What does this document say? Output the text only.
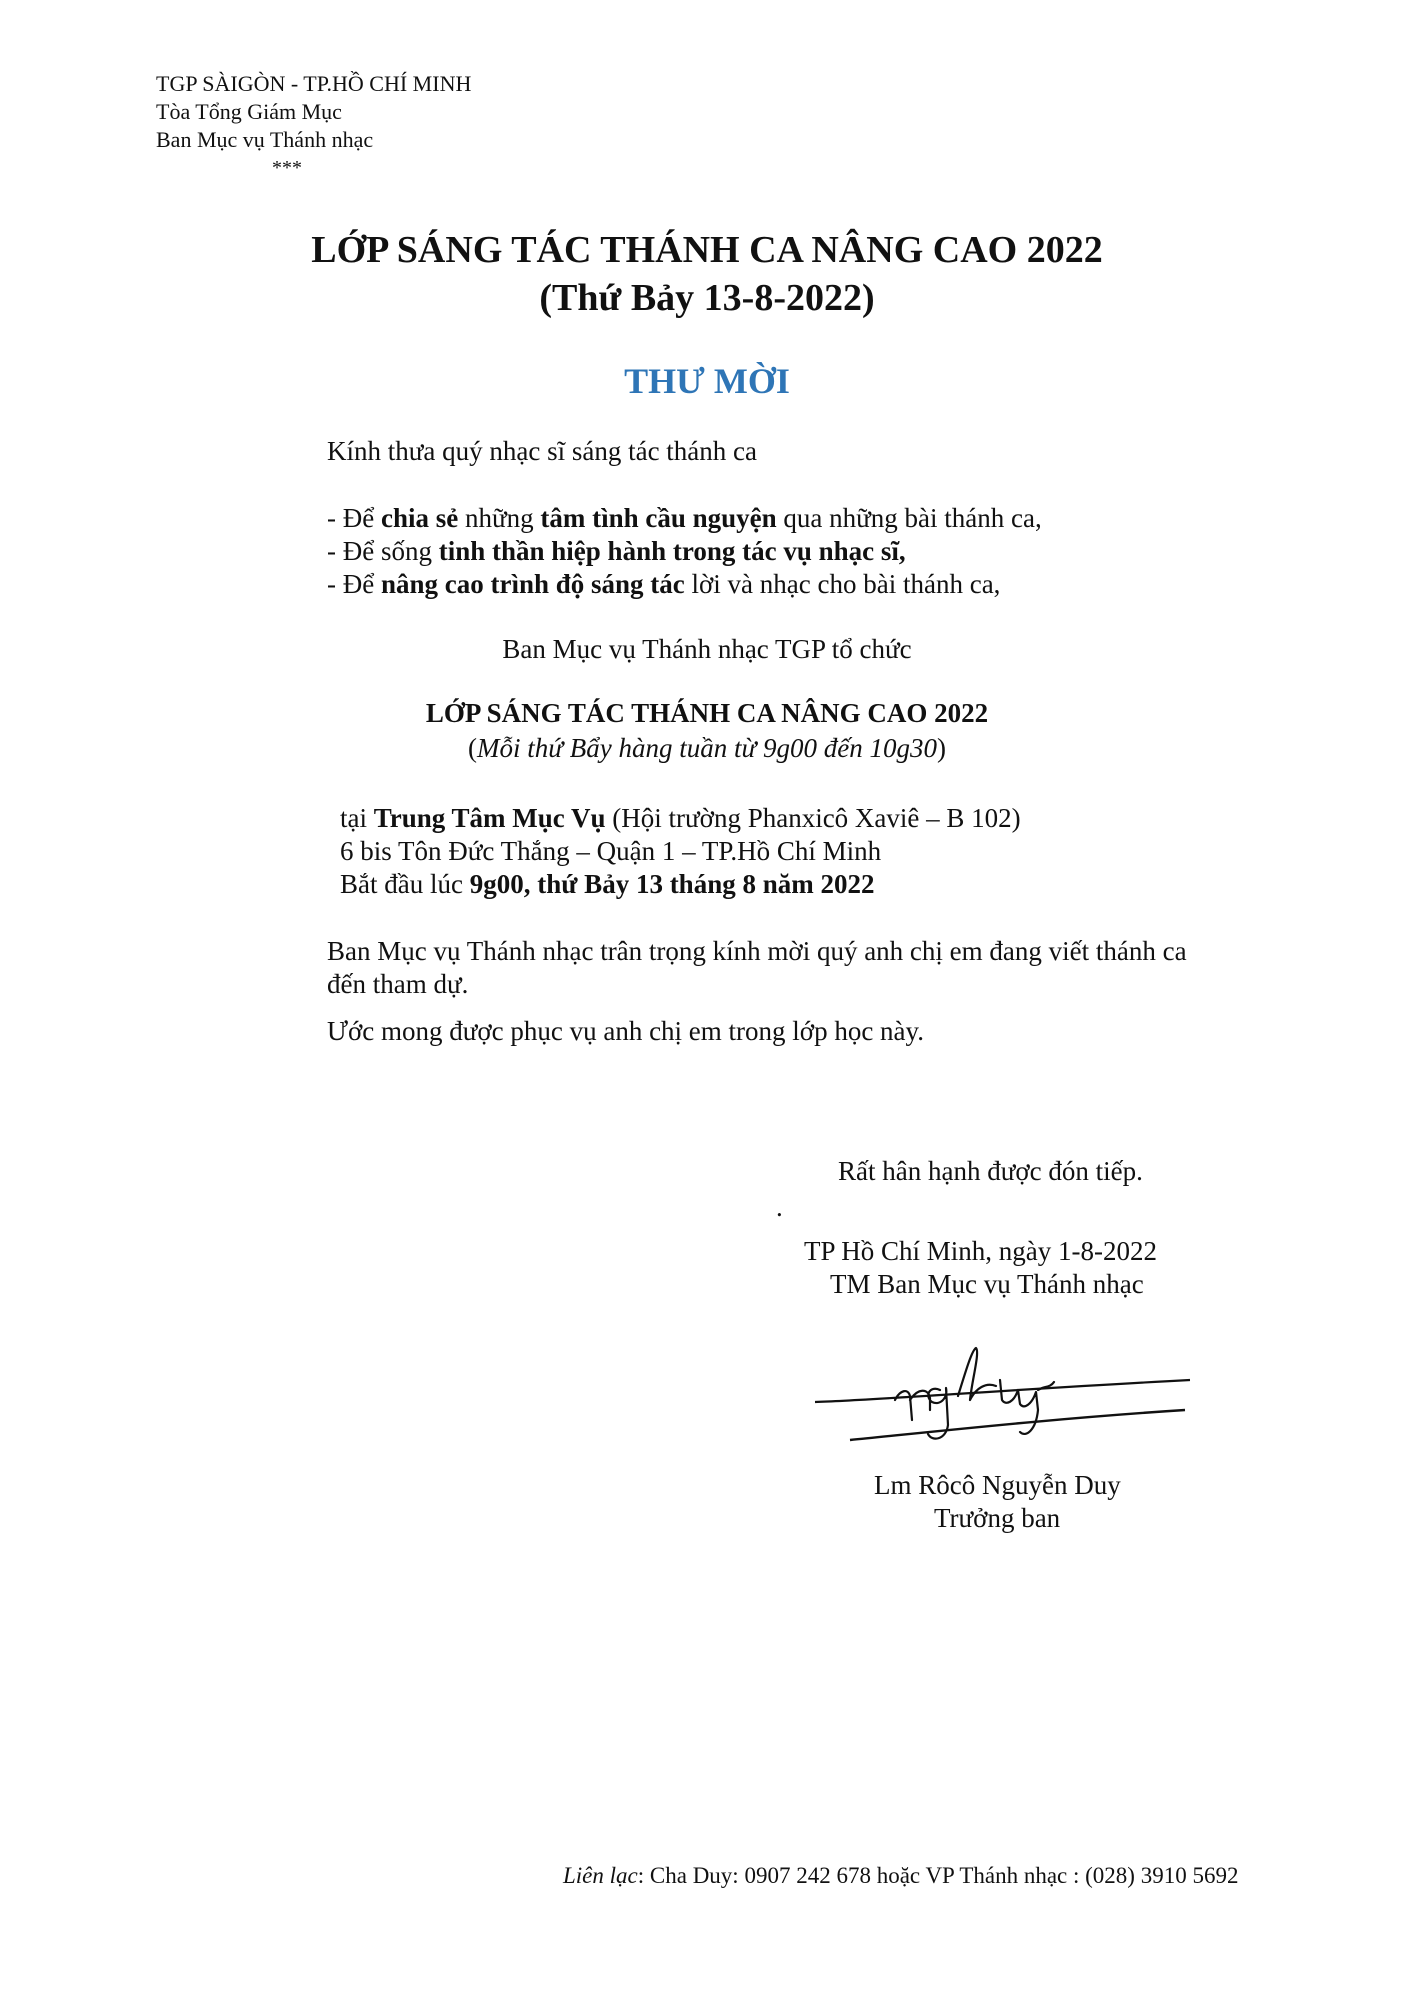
TGP SÀIGÒN - TP.HỒ CHÍ MINH
Tòa Tổng Giám Mục
Ban Mục vụ Thánh nhạc
***
LỚP SÁNG TÁC THÁNH CA NÂNG CAO 2022
(Thứ Bảy 13-8-2022)
THƯ MỜI
Kính thưa quý nhạc sĩ sáng tác thánh ca
- Để chia sẻ những tâm tình cầu nguyện qua những bài thánh ca,
- Để sống tinh thần hiệp hành trong tác vụ nhạc sĩ,
- Để nâng cao trình độ sáng tác lời và nhạc cho bài thánh ca,
Ban Mục vụ Thánh nhạc TGP tổ chức
LỚP SÁNG TÁC THÁNH CA NÂNG CAO 2022
(Mỗi thứ Bẩy hàng tuần từ 9g00 đến 10g30)
tại Trung Tâm Mục Vụ (Hội trường Phanxicô Xaviê – B 102)
6 bis Tôn Đức Thắng – Quận 1 – TP.Hồ Chí Minh
Bắt đầu lúc 9g00, thứ Bảy 13 tháng 8 năm 2022
Ban Mục vụ Thánh nhạc trân trọng kính mời quý anh chị em đang viết thánh ca
đến tham dự.
Ước mong được phục vụ anh chị em trong lớp học này.
Rất hân hạnh được đón tiếp.
.
TP Hồ Chí Minh, ngày 1-8-2022
TM Ban Mục vụ Thánh nhạc
Lm Rôcô Nguyễn Duy
Trưởng ban
Liên lạc: Cha Duy: 0907 242 678 hoặc VP Thánh nhạc : (028) 3910 5692
